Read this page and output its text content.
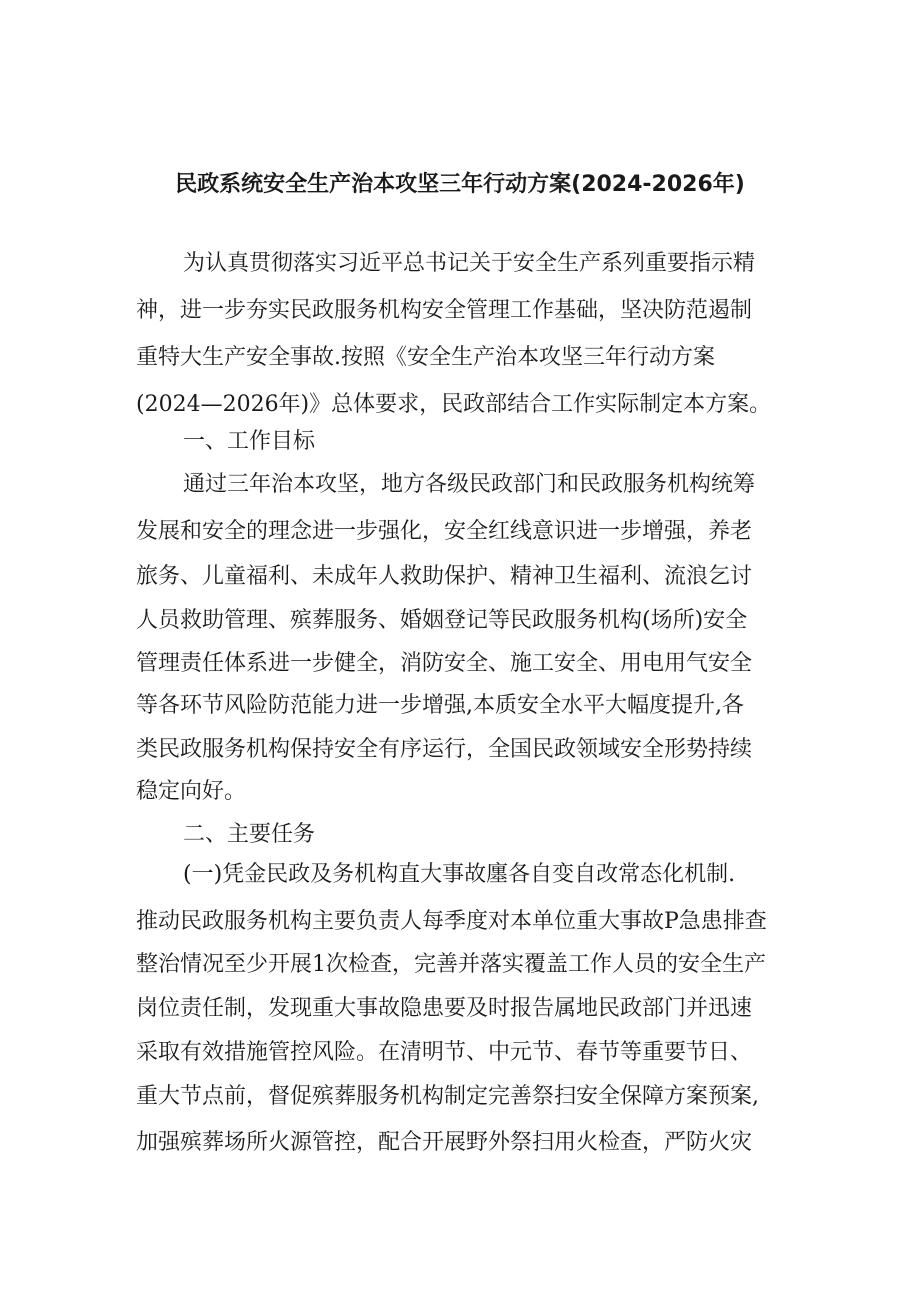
民政系统安全生产治本攻坚三年行动方案(2024-2026年)
为认真贯彻落实习近平总书记关于安全生产系列重要指示精
神，进一步夯实民政服务机构安全管理工作基础，坚决防范遏制
重特大生产安全事故.按照《安全生产治本攻坚三年行动方案
(2024—2026年)》总体要求，民政部结合工作实际制定本方案。
一、工作目标
通过三年治本攻坚，地方各级民政部门和民政服务机构统筹
发展和安全的理念进一步强化，安全红线意识进一步增强，养老
旅务、儿童福利、未成年人救助保护、精神卫生福利、流浪乞讨
人员救助管理、殡葬服务、婚姻登记等民政服务机构(场所)安全
管理责任体系进一步健全，消防安全、施工安全、用电用气安全
等各环节风险防范能力进一步增强,本质安全水平大幅度提升,各
类民政服务机构保持安全有序运行，全国民政领域安全形势持续
稳定向好。
二、主要任务
(一)凭金民政及务机构直大事故廛各自变自改常态化机制.
推动民政服务机构主要负责人每季度对本单位重大事故P急患排查
整治情况至少开展1次检查，完善并落实覆盖工作人员的安全生产
岗位责任制，发现重大事故隐患要及时报告属地民政部门并迅速
采取有效措施管控风险。在清明节、中元节、春节等重要节日、
重大节点前，督促殡葬服务机构制定完善祭扫安全保障方案预案,
加强殡葬场所火源管控，配合开展野外祭扫用火检查，严防火灾
